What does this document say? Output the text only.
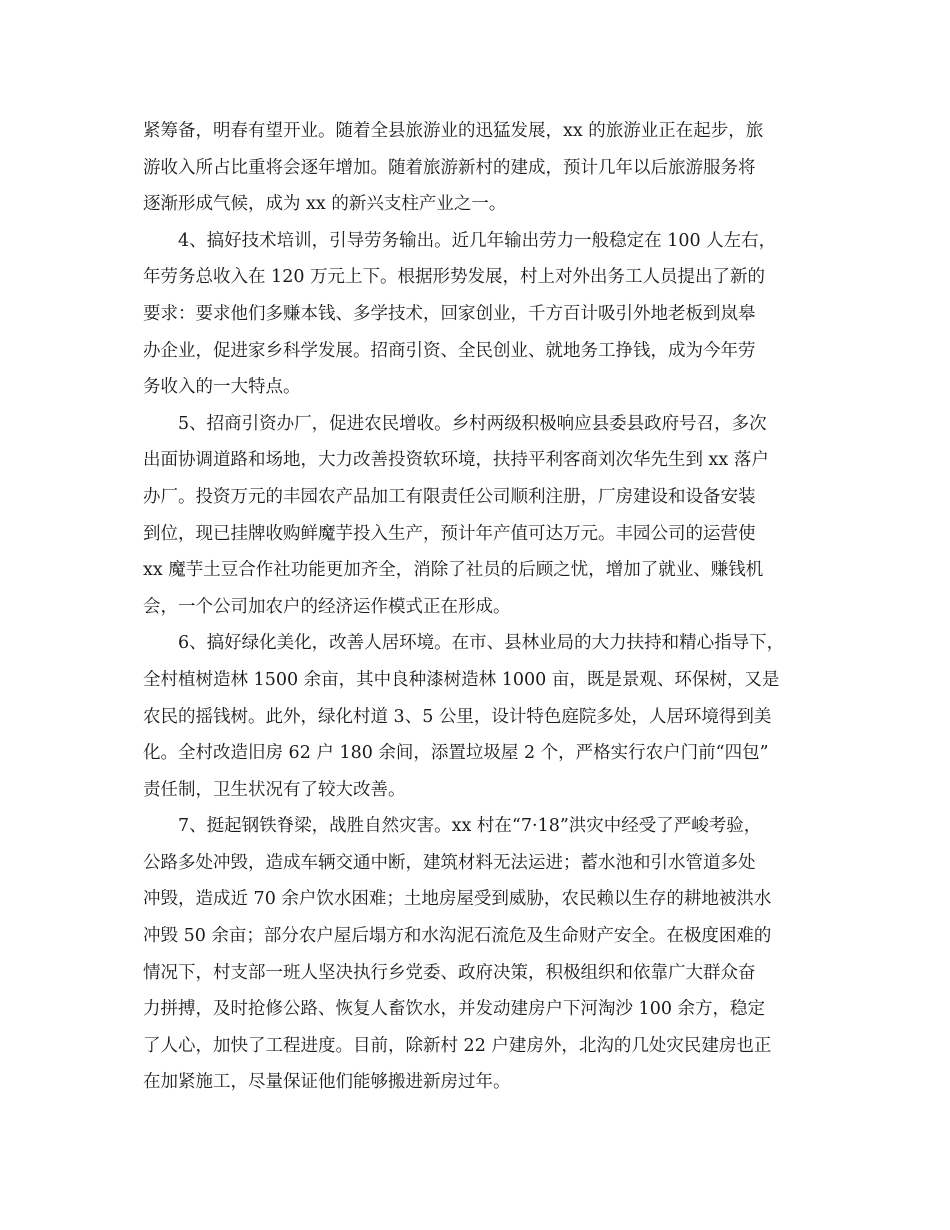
紧筹备，明春有望开业。随着全县旅游业的迅猛发展，xx 的旅游业正在起步，旅
游收入所占比重将会逐年增加。随着旅游新村的建成，预计几年以后旅游服务将
逐渐形成气候，成为 xx 的新兴支柱产业之一。
4、搞好技术培训，引导劳务输出。近几年输出劳力一般稳定在 100 人左右，
年劳务总收入在 120 万元上下。根据形势发展，村上对外出务工人员提出了新的
要求：要求他们多赚本钱、多学技术，回家创业，千方百计吸引外地老板到岚皋
办企业，促进家乡科学发展。招商引资、全民创业、就地务工挣钱，成为今年劳
务收入的一大特点。
5、招商引资办厂，促进农民增收。乡村两级积极响应县委县政府号召，多次
出面协调道路和场地，大力改善投资软环境，扶持平利客商刘次华先生到 xx 落户
办厂。投资万元的丰园农产品加工有限责任公司顺利注册，厂房建设和设备安装
到位，现已挂牌收购鲜魔芋投入生产，预计年产值可达万元。丰园公司的运营使
xx 魔芋土豆合作社功能更加齐全，消除了社员的后顾之忧，增加了就业、赚钱机
会，一个公司加农户的经济运作模式正在形成。
6、搞好绿化美化，改善人居环境。在市、县林业局的大力扶持和精心指导下，
全村植树造林 1500 余亩，其中良种漆树造林 1000 亩，既是景观、环保树，又是
农民的摇钱树。此外，绿化村道 3、5 公里，设计特色庭院多处，人居环境得到美
化。全村改造旧房 62 户 180 余间，添置垃圾屋 2 个，严格实行农户门前“四包”
责任制，卫生状况有了较大改善。
7、挺起钢铁脊梁，战胜自然灾害。xx 村在“7·18”洪灾中经受了严峻考验，
公路多处冲毁，造成车辆交通中断，建筑材料无法运进；蓄水池和引水管道多处
冲毁，造成近 70 余户饮水困难；土地房屋受到威胁，农民赖以生存的耕地被洪水
冲毁 50 余亩；部分农户屋后塌方和水沟泥石流危及生命财产安全。在极度困难的
情况下，村支部一班人坚决执行乡党委、政府决策，积极组织和依靠广大群众奋
力拼搏，及时抢修公路、恢复人畜饮水，并发动建房户下河淘沙 100 余方，稳定
了人心，加快了工程进度。目前，除新村 22 户建房外，北沟的几处灾民建房也正
在加紧施工，尽量保证他们能够搬进新房过年。
